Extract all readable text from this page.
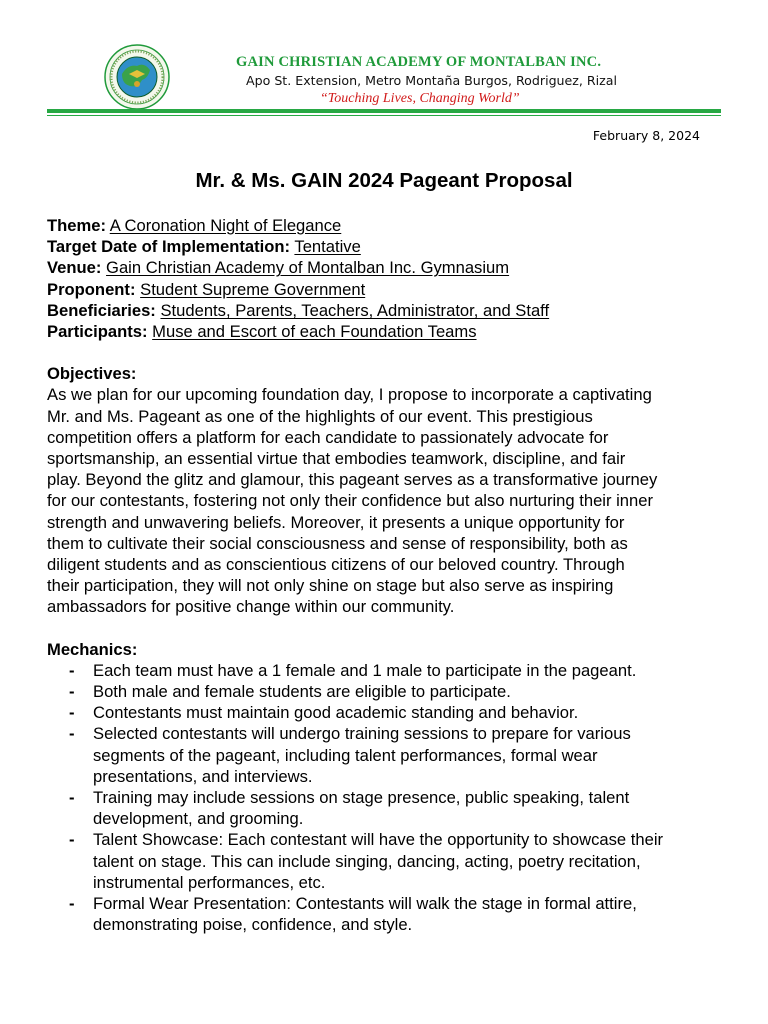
GAIN CHRISTIAN ACADEMY OF MONTALBAN INC.
Apo St. Extension, Metro Montaña Burgos, Rodriguez, Rizal
“Touching Lives, Changing World”
February 8, 2024
Mr. & Ms. GAIN 2024 Pageant Proposal
Theme: A Coronation Night of Elegance
Target Date of Implementation: Tentative
Venue: Gain Christian Academy of Montalban Inc. Gymnasium
Proponent: Student Supreme Government
Beneficiaries: Students, Parents, Teachers, Administrator, and Staff
Participants: Muse and Escort of each Foundation Teams
Objectives:
As we plan for our upcoming foundation day, I propose to incorporate a captivating
Mr. and Ms. Pageant as one of the highlights of our event. This prestigious
competition offers a platform for each candidate to passionately advocate for
sportsmanship, an essential virtue that embodies teamwork, discipline, and fair
play. Beyond the glitz and glamour, this pageant serves as a transformative journey
for our contestants, fostering not only their confidence but also nurturing their inner
strength and unwavering beliefs. Moreover, it presents a unique opportunity for
them to cultivate their social consciousness and sense of responsibility, both as
diligent students and as conscientious citizens of our beloved country. Through
their participation, they will not only shine on stage but also serve as inspiring
ambassadors for positive change within our community.
Mechanics:
- Each team must have a 1 female and 1 male to participate in the pageant.
- Both male and female students are eligible to participate.
- Contestants must maintain good academic standing and behavior.
- Selected contestants will undergo training sessions to prepare for various
segments of the pageant, including talent performances, formal wear
presentations, and interviews.
- Training may include sessions on stage presence, public speaking, talent
development, and grooming.
- Talent Showcase: Each contestant will have the opportunity to showcase their
talent on stage. This can include singing, dancing, acting, poetry recitation,
instrumental performances, etc.
- Formal Wear Presentation: Contestants will walk the stage in formal attire,
demonstrating poise, confidence, and style.
